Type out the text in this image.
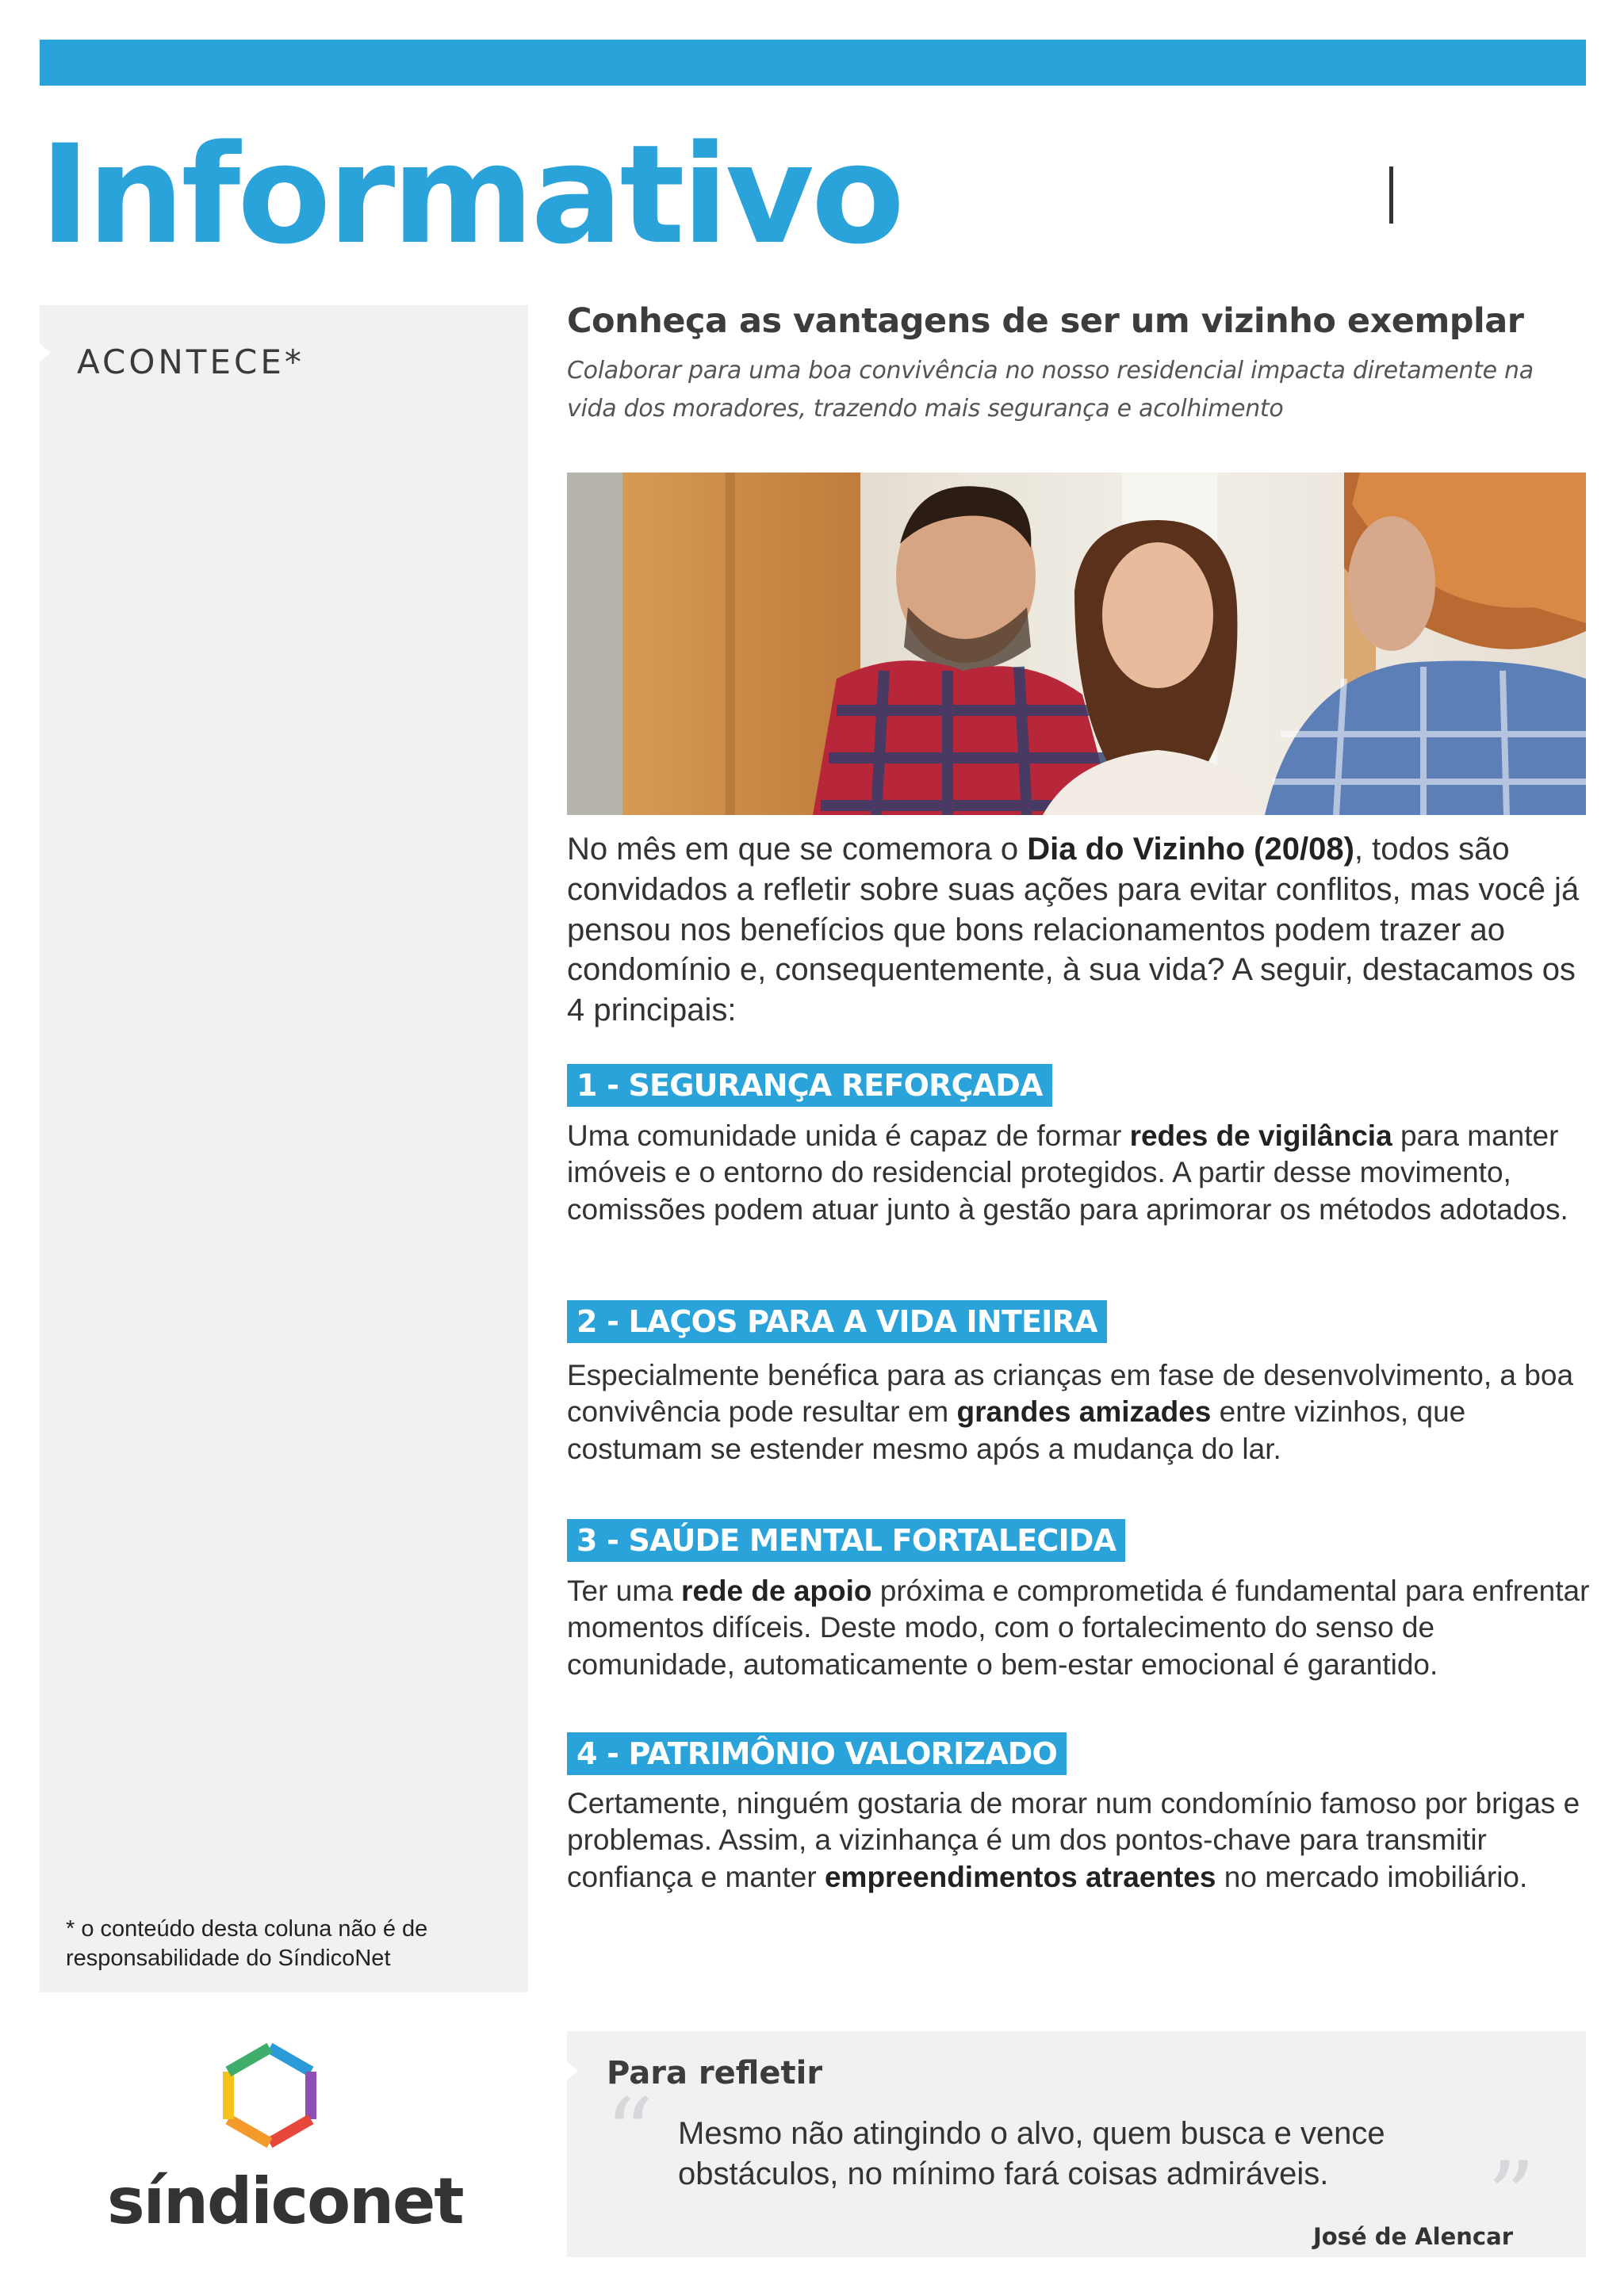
Informativo
ACONTECE*

* o conteúdo desta coluna não é de responsabilidade do SíndicoNet

Conheça as vantagens de ser um vizinho exemplar

Colaborar para uma boa convivência no nosso residencial impacta diretamente na vida dos moradores, trazendo mais segurança e acolhimento

No mês em que se comemora o Dia do Vizinho (20/08), todos são convidados a refletir sobre suas ações para evitar conflitos, mas você já pensou nos benefícios que bons relacionamentos podem trazer ao condomínio e, consequentemente, à sua vida? A seguir, destacamos os 4 principais:

1 - SEGURANÇA REFORÇADA

Uma comunidade unida é capaz de formar redes de vigilância para manter imóveis e o entorno do residencial protegidos. A partir desse movimento, comissões podem atuar junto à gestão para aprimorar os métodos adotados.

2 - LAÇOS PARA A VIDA INTEIRA

Especialmente benéfica para as crianças em fase de desenvolvimento, a boa convivência pode resultar em grandes amizades entre vizinhos, que costumam se estender mesmo após a mudança do lar.

3 - SAÚDE MENTAL FORTALECIDA

Ter uma rede de apoio próxima e comprometida é fundamental para enfrentar momentos difíceis. Deste modo, com o fortalecimento do senso de comunidade, automaticamente o bem-estar emocional é garantido.

4 - PATRIMÔNIO VALORIZADO

Certamente, ninguém gostaria de morar num condomínio famoso por brigas e problemas. Assim, a vizinhança é um dos pontos-chave para transmitir confiança e manter empreendimentos atraentes no mercado imobiliário.

síndiconet

Para refletir
“ Mesmo não atingindo o alvo, quem busca e vence obstáculos, no mínimo fará coisas admiráveis.	”

José de Alencar
